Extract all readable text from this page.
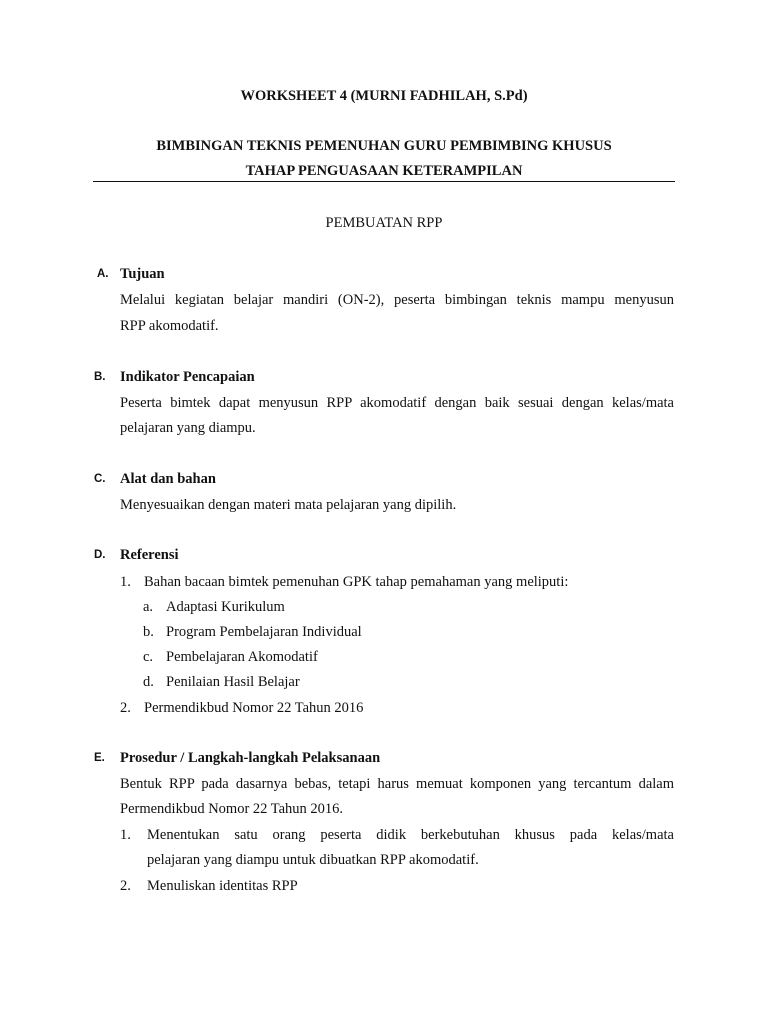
WORKSHEET 4 (MURNI FADHILAH, S.Pd)
BIMBINGAN TEKNIS PEMENUHAN GURU PEMBIMBING KHUSUS
TAHAP PENGUASAAN KETERAMPILAN
PEMBUATAN RPP
A. Tujuan
Melalui kegiatan belajar mandiri (ON-2), peserta bimbingan teknis mampu menyusun
RPP akomodatif.
B. Indikator Pencapaian
Peserta bimtek dapat menyusun RPP akomodatif dengan baik sesuai dengan kelas/mata
pelajaran yang diampu.
C. Alat dan bahan
Menyesuaikan dengan materi mata pelajaran yang dipilih.
D. Referensi
1. Bahan bacaan bimtek pemenuhan GPK tahap pemahaman yang meliputi:
a. Adaptasi Kurikulum
b. Program Pembelajaran Individual
c. Pembelajaran Akomodatif
d. Penilaian Hasil Belajar
2. Permendikbud Nomor 22 Tahun 2016
E. Prosedur / Langkah-langkah Pelaksanaan
Bentuk RPP pada dasarnya bebas, tetapi harus memuat komponen yang tercantum dalam
Permendikbud Nomor 22 Tahun 2016.
1. Menentukan satu orang peserta didik berkebutuhan khusus pada kelas/mata
pelajaran yang diampu untuk dibuatkan RPP akomodatif.
2. Menuliskan identitas RPP
